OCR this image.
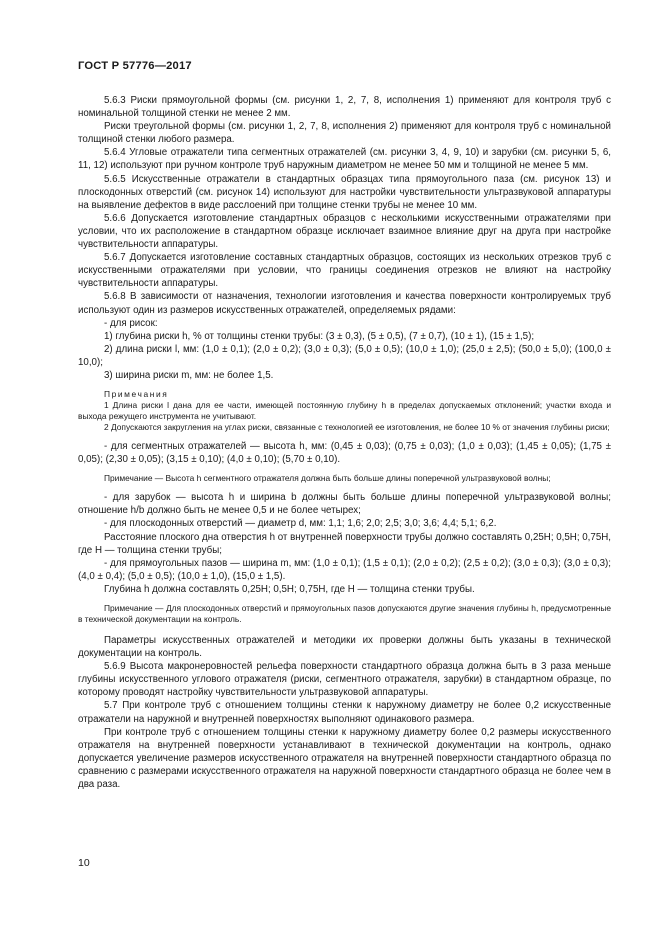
ГОСТ Р 57776—2017

5.6.3 Риски прямоугольной формы (см. рисунки 1, 2, 7, 8, исполнения 1) применяют для контроля труб с номинальной толщиной стенки не менее 2 мм.

Риски треугольной формы (см. рисунки 1, 2, 7, 8, исполнения 2) применяют для контроля труб с номинальной толщиной стенки любого размера.

5.6.4 Угловые отражатели типа сегментных отражателей (см. рисунки 3, 4, 9, 10) и зарубки (см. рисунки 5, 6, 11, 12) используют при ручном контроле труб наружным диаметром не менее 50 мм и толщиной не менее 5 мм.

5.6.5 Искусственные отражатели в стандартных образцах типа прямоугольного паза (см. рисунок 13) и плоскодонных отверстий (см. рисунок 14) используют для настройки чувствительности ультразвуковой аппаратуры на выявление дефектов в виде расслоений при толщине стенки трубы не менее 10 мм.

5.6.6 Допускается изготовление стандартных образцов с несколькими искусственными отражателями при условии, что их расположение в стандартном образце исключает взаимное влияние друг на друга при настройке чувствительности аппаратуры.

5.6.7 Допускается изготовление составных стандартных образцов, состоящих из нескольких отрезков труб с искусственными отражателями при условии, что границы соединения отрезков не влияют на настройку чувствительности аппаратуры.

5.6.8 В зависимости от назначения, технологии изготовления и качества поверхности контролируемых труб используют один из размеров искусственных отражателей, определяемых рядами:

- для рисок:

1) глубина риски h, % от толщины стенки трубы: (3 ± 0,3), (5 ± 0,5), (7 ± 0,7), (10 ± 1), (15 ± 1,5);

2) длина риски l, мм: (1,0 ± 0,1); (2,0 ± 0,2); (3,0 ± 0,3); (5,0 ± 0,5); (10,0 ± 1,0); (25,0 ± 2,5); (50,0 ± 5,0); (100,0 ± 10,0);

3) ширина риски m, мм: не более 1,5.

Примечания

1 Длина риски l дана для ее части, имеющей постоянную глубину h в пределах допускаемых отклонений; участки входа и выхода режущего инструмента не учитывают.

2 Допускаются закругления на углах риски, связанные с технологией ее изготовления, не более 10 % от значения глубины риски;

- для сегментных отражателей — высота h, мм: (0,45 ± 0,03); (0,75 ± 0,03); (1,0 ± 0,03); (1,45 ± 0,05); (1,75 ± 0,05); (2,30 ± 0,05); (3,15 ± 0,10); (4,0 ± 0,10); (5,70 ± 0,10).

Примечание — Высота h сегментного отражателя должна быть больше длины поперечной ультразвуковой волны;

- для зарубок — высота h и ширина b должны быть больше длины поперечной ультразвуковой волны; отношение h/b должно быть не менее 0,5 и не более четырех;

- для плоскодонных отверстий — диаметр d, мм: 1,1; 1,6; 2,0; 2,5; 3,0; 3,6; 4,4; 5,1; 6,2.

Расстояние плоского дна отверстия h от внутренней поверхности трубы должно составлять 0,25H; 0,5H; 0,75H, где H — толщина стенки трубы;

- для прямоугольных пазов — ширина m, мм: (1,0 ± 0,1); (1,5 ± 0,1); (2,0 ± 0,2); (2,5 ± 0,2); (3,0 ± 0,3); (3,0 ± 0,3); (4,0 ± 0,4); (5,0 ± 0,5); (10,0 ± 1,0), (15,0 ± 1,5).

Глубина h должна составлять 0,25H; 0,5H; 0,75H, где H — толщина стенки трубы.

Примечание — Для плоскодонных отверстий и прямоугольных пазов допускаются другие значения глубины h, предусмотренные в технической документации на контроль.

Параметры искусственных отражателей и методики их проверки должны быть указаны в технической документации на контроль.

5.6.9 Высота макронеровностей рельефа поверхности стандартного образца должна быть в 3 раза меньше глубины искусственного углового отражателя (риски, сегментного отражателя, зарубки) в стандартном образце, по которому проводят настройку чувствительности ультразвуковой аппаратуры.

5.7 При контроле труб с отношением толщины стенки к наружному диаметру не более 0,2 искусственные отражатели на наружной и внутренней поверхностях выполняют одинакового размера.

При контроле труб с отношением толщины стенки к наружному диаметру более 0,2 размеры искусственного отражателя на внутренней поверхности устанавливают в технической документации на контроль, однако допускается увеличение размеров искусственного отражателя на внутренней поверхности стандартного образца по сравнению с размерами искусственного отражателя на наружной поверхности стандартного образца не более чем в два раза.

10
